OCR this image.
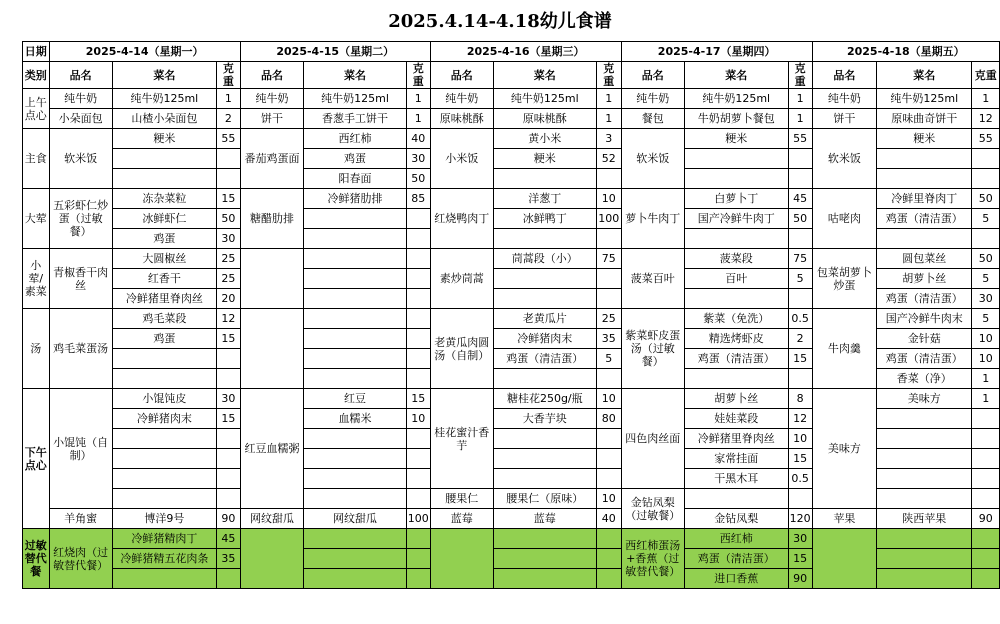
2025.4.14-4.18幼儿食谱
日期	2025-4-14（星期一）			2025-4-15（星期二）			2025-4-16（星期三）			2025-4-17（星期四）			2025-4-18（星期五）		
类别	品名	菜名	克重	品名	菜名	克重	品名	菜名	克重	品名	菜名	克重	品名	菜名	克重
上午点心	纯牛奶	纯牛奶125ml	1	纯牛奶	纯牛奶125ml	1	纯牛奶	纯牛奶125ml	1	纯牛奶	纯牛奶125ml	1	纯牛奶	纯牛奶125ml	1
	小朵面包	山楂小朵面包	2	饼干	香葱手工饼干	1	原味桃酥	原味桃酥	1	餐包	牛奶胡萝卜餐包	1	饼干	原味曲奇饼干	12
主食	软米饭	粳米	55	番茄鸡蛋面	西红柿	40	小米饭	黄小米	3	软米饭	粳米	55	软米饭	粳米	55
					鸡蛋	30		粳米	52						
					阳春面	50									
大荤	五彩虾仁炒蛋（过敏餐）	冻杂菜粒	15	糖醋肋排	冷鲜猪肋排	85	红烧鸭肉丁	洋葱丁	10	萝卜牛肉丁	白萝卜丁	45	咕咾肉	冷鲜里脊肉丁	50
		冰鲜虾仁	50					冰鲜鸭丁	100		国产冷鲜牛肉丁	50		鸡蛋（清洁蛋）	5
		鸡蛋	30												
小荤/素菜	青椒香干肉丝	大圆椒丝	25				素炒茼蒿	茼蒿段（小）	75	菠菜百叶	菠菜段	75	包菜胡萝卜炒蛋	圆包菜丝	50
		红香干	25								百叶	5		胡萝卜丝	5
		冷鲜猪里脊肉丝	20											鸡蛋（清洁蛋）	30
汤	鸡毛菜蛋汤	鸡毛菜段	12				老黄瓜肉圆汤（自制）	老黄瓜片	25	紫菜虾皮蛋汤（过敏餐）	紫菜（免洗）	0.5	牛肉羹	国产冷鲜牛肉末	5
		鸡蛋	15					冷鲜猪肉末	35		精选烤虾皮	2		金针菇	10
								鸡蛋（清洁蛋）	5		鸡蛋（清洁蛋）	15		鸡蛋（清洁蛋）	10
														香菜（净）	1
下午点心	小馄饨（自制）	小馄饨皮	30	红豆血糯粥	红豆	15	桂花蜜汁香芋	糖桂花250g/瓶	10	四色肉丝面	胡萝卜丝	8	美味方	美味方	1
		冷鲜猪肉末	15		血糯米	10		大香芋块	80		娃娃菜段	12			
											冷鲜猪里脊肉丝	10			
											家常挂面	15			
											干黑木耳	0.5			
							腰果仁	腰果仁（原味）	10	金钻凤梨（过敏餐）					
	羊角蜜	博洋9号	90	网纹甜瓜	网纹甜瓜	100	蓝莓	蓝莓	40		金钻凤梨	120	苹果	陕西苹果	90
过敏替代餐	红烧肉（过敏替代餐）	冷鲜猪精肉丁	45							西红柿蛋汤+香蕉（过敏替代餐）	西红柿	30			
		冷鲜猪精五花肉条	35								鸡蛋（清洁蛋）	15			
											进口香蕉	90			
